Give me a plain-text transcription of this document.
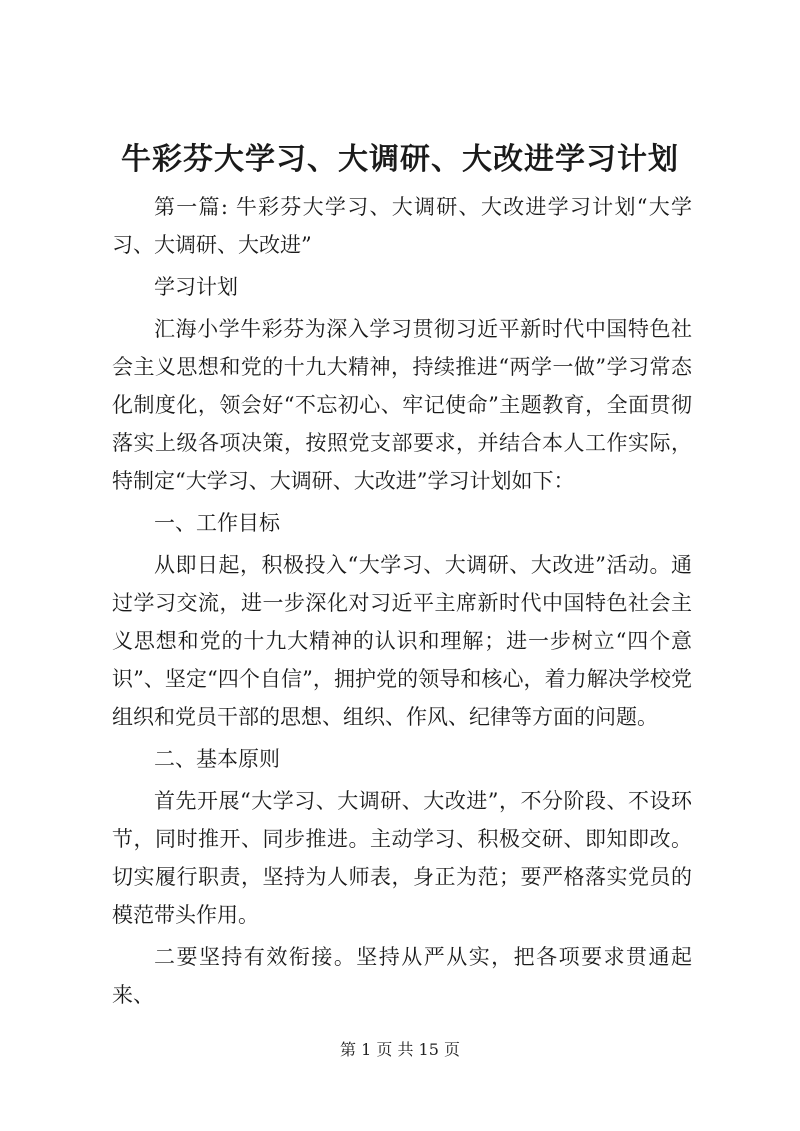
牛彩芬大学习、大调研、大改进学习计划

第一篇: 牛彩芬大学习、大调研、大改进学习计划“大学习、大调研、大改进”

学习计划

汇海小学牛彩芬为深入学习贯彻习近平新时代中国特色社会主义思想和党的十九大精神，持续推进“两学一做”学习常态化制度化，领会好“不忘初心、牢记使命”主题教育，全面贯彻落实上级各项决策，按照党支部要求，并结合本人工作实际，特制定“大学习、大调研、大改进”学习计划如下：

一、工作目标

从即日起，积极投入“大学习、大调研、大改进”活动。通过学习交流，进一步深化对习近平主席新时代中国特色社会主义思想和党的十九大精神的认识和理解；进一步树立“四个意识”、坚定“四个自信”，拥护党的领导和核心，着力解决学校党组织和党员干部的思想、组织、作风、纪律等方面的问题。

二、基本原则

首先开展“大学习、大调研、大改进”，不分阶段、不设环节，同时推开、同步推进。主动学习、积极交研、即知即改。切实履行职责，坚持为人师表，身正为范；要严格落实党员的模范带头作用。

二要坚持有效衔接。坚持从严从实，把各项要求贯通起来、

第 1 页 共 15 页
